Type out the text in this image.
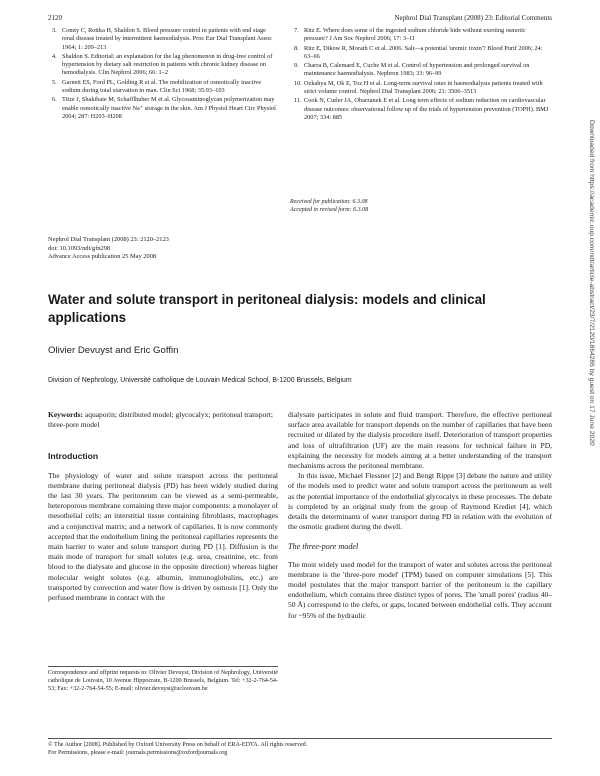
2120	Nephrol Dial Transplant (2008) 23: Editorial Comments
3. Comty C, Rottka H, Shaldon S. Blood pressure control in patients with end stage renal disease treated by intermittent haemodialysis. Proc Eur Dial Transplant Assoc 1964; 1: 209–213
4. Shaldon S. Editorial: an explanation for the lag phenomenon in drug-free control of hypertension by dietary salt restriction in patients with chronic kidney disease on hemodialysis. Clin Nephrol 2006; 66: 1–2
5. Garnett ES, Ford PL, Golding R et al. The mobilization of osmotically inactive sodium during total starvation in man. Clin Sci 1968; 35:93–103
6. Titze J, Shakibaie M, Schafflhuber M et al. Glycosaminoglycan polymerization may enable osmotically inactive Na⁺ storage in the skin. Am J Physiol Heart Circ Physiol 2004; 287: H203–H208
7. Ritz E. Where does some of the ingested sodium chloride hide without exerting osmotic pressure? J Am Soc Nephrol 2006; 17: 3–11
8. Ritz E, Dikow R, Morath C et al. 2006. Salt—a potential 'uremic toxin'? Blood Purif 2006; 24: 63–66
9. Charra B, Calemard E, Cuche M et al. Control of hypertension and prolonged survival on maintenance haemodialysis. Nephron 1983; 33: 96–99
10. Ozkahya M, Ok E, Toz H et al. Long-term survival rates in haemodialysis patients treated with strict volume control. Nephrol Dial Transplant 2006; 21: 3506–3513
11. Cook N, Cutler JA, Obarzanek E et al. Long term effects of sodium reduction on cardiovascular disease outcomes: observational follow up of the trials of hypertension prevention (TOPH). BMJ 2007; 334: 885
Received for publication: 6.3.08
Accepted in revised form: 6.3.08
Nephrol Dial Transplant (2008) 23: 2120–2123
doi: 10.1093/ndt/gfn298
Advance Access publication 25 May 2008
Water and solute transport in peritoneal dialysis: models and clinical applications
Olivier Devuyst and Eric Goffin
Division of Nephrology, Université catholique de Louvain Medical School, B-1200 Brussels, Belgium

Keywords: aquaporin; distributed model; glycocalyx; peritoneal transport; three-pore model

Introduction

The physiology of water and solute transport across the peritoneal membrane during peritoneal dialysis (PD) has been widely studied during the last 30 years. The peritoneum can be viewed as a semi-permeable, heteroporous membrane containing three major components: a monolayer of mesothelial cells; an interstitial tissue containing fibroblasts, macrophages and a conjunctival matrix; and a network of capillaries. It is now commonly accepted that the endothelium lining the peritoneal capillaries represents the main barrier to water and solute transport during PD [1]. Diffusion is the main mode of transport for small solutes (e.g. urea, creatinine, etc. from blood to the dialysate and glucose in the opposite direction) whereas higher molecular weight solutes (e.g. albumin, immunoglobulins, etc.) are transported by convection and water flow is driven by osmosis [1]. Only the perfused membrane in contact with the

dialysate participates in solute and fluid transport. Therefore, the effective peritoneal surface area available for transport depends on the number of capillaries that have been recruited or dilated by the dialysis procedure itself. Deterioration of transport properties and loss of ultrafiltration (UF) are the main reasons for technical failure in PD, explaining the necessity for models aiming at a better understanding of the transport mechanisms across the peritoneal membrane.

In this issue, Michael Flessner [2] and Bengt Rippe [3] debate the nature and utility of the models used to predict water and solute transport across the peritoneum as well as the potential importance of the endothelial glycocalyx in these processes. The debate is completed by an original study from the group of Raymond Krediet [4], which details the determinants of water transport during PD in relation with the evolution of the osmotic gradient during the dwell.

The three-pore model

The most widely used model for the transport of water and solutes across the peritoneal membrane is the 'three-pore model' (TPM) based on computer simulations [5]. This model postulates that the major transport barrier of the peritoneum is the capillary endothelium, which contains three distinct types of pores. The 'small pores' (radius 40–50 Å) correspond to the clefts, or gaps, located between endothelial cells. They account for ~95% of the hydraulic

Correspondence and offprint requests to: Olivier Devuyst, Division of Nephrology, Université catholique de Louvain, 10 Avenue Hippocrate, B-1200 Brussels, Belgium. Tel: +32-2-764-54-53; Fax: +32-2-764-54-55; E-mail: olivier.devuyst@uclouvain.be
© The Author [2008]. Published by Oxford University Press on behalf of ERA-EDTA. All rights reserved.
For Permissions, please e-mail: journals.permissions@oxfordjournals.org
Downloaded from https://academic.oup.com/ndt/article-abstract/23/7/2120/1864286 by guest on 17 June 2020
